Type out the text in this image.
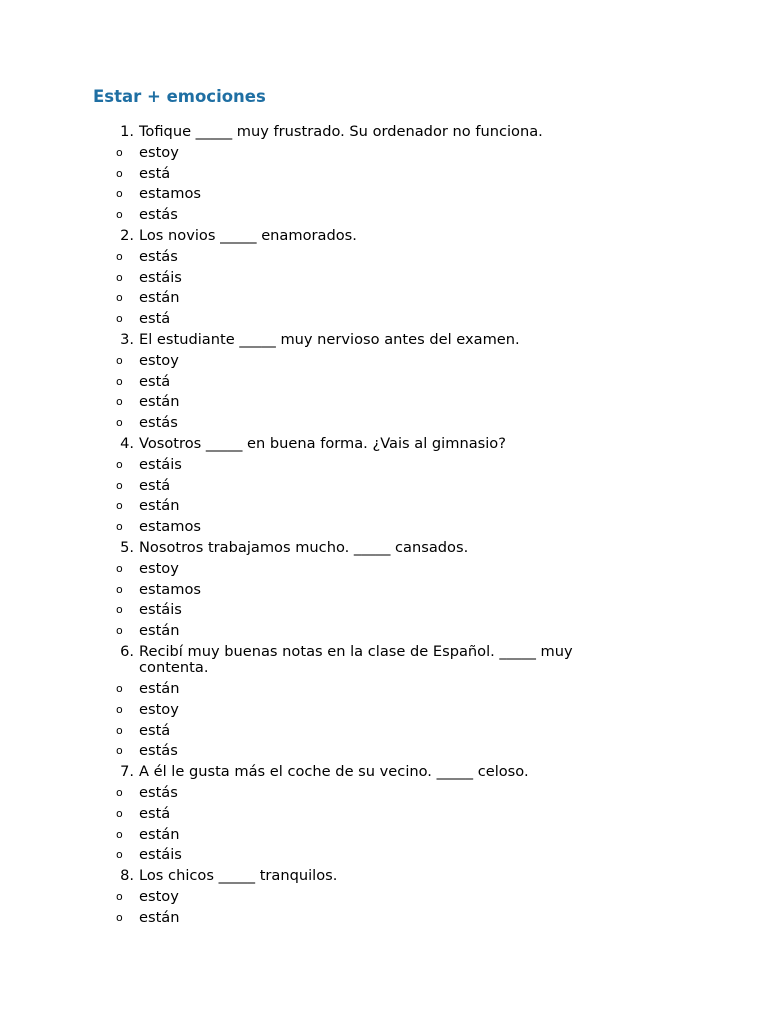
Estar + emociones
1. Tofique _____ muy frustrado. Su ordenador no funciona.
o estoy
o está
o estamos
o estás
2. Los novios _____ enamorados.
o estás
o estáis
o están
o está
3. El estudiante _____ muy nervioso antes del examen.
o estoy
o está
o están
o estás
4. Vosotros _____ en buena forma. ¿Vais al gimnasio?
o estáis
o está
o están
o estamos
5. Nosotros trabajamos mucho. _____ cansados.
o estoy
o estamos
o estáis
o están
6. Recibí muy buenas notas en la clase de Español. _____ muy contenta.
o están
o estoy
o está
o estás
7. A él le gusta más el coche de su vecino. _____ celoso.
o estás
o está
o están
o estáis
8. Los chicos _____ tranquilos.
o estoy
o están
